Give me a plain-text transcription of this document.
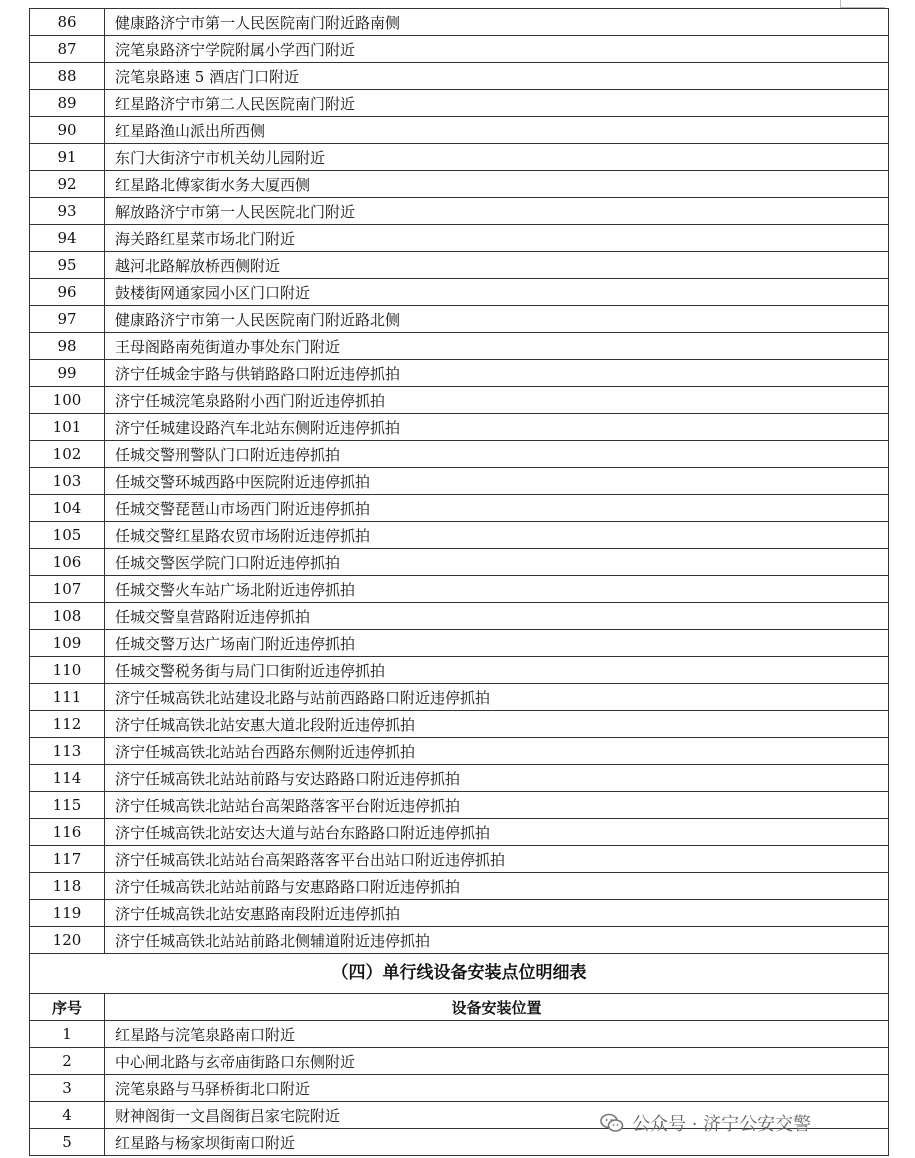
86	健康路济宁市第一人民医院南门附近路南侧
87	浣笔泉路济宁学院附属小学西门附近
88	浣笔泉路速 5 酒店门口附近
89	红星路济宁市第二人民医院南门附近
90	红星路渔山派出所西侧
91	东门大街济宁市机关幼儿园附近
92	红星路北傅家街水务大厦西侧
93	解放路济宁市第一人民医院北门附近
94	海关路红星菜市场北门附近
95	越河北路解放桥西侧附近
96	鼓楼街网通家园小区门口附近
97	健康路济宁市第一人民医院南门附近路北侧
98	王母阁路南苑街道办事处东门附近
99	济宁任城金宇路与供销路路口附近违停抓拍
100	济宁任城浣笔泉路附小西门附近违停抓拍
101	济宁任城建设路汽车北站东侧附近违停抓拍
102	任城交警刑警队门口附近违停抓拍
103	任城交警环城西路中医院附近违停抓拍
104	任城交警琵琶山市场西门附近违停抓拍
105	任城交警红星路农贸市场附近违停抓拍
106	任城交警医学院门口附近违停抓拍
107	任城交警火车站广场北附近违停抓拍
108	任城交警皇营路附近违停抓拍
109	任城交警万达广场南门附近违停抓拍
110	任城交警税务街与局门口街附近违停抓拍
111	济宁任城高铁北站建设北路与站前西路路口附近违停抓拍
112	济宁任城高铁北站安惠大道北段附近违停抓拍
113	济宁任城高铁北站站台西路东侧附近违停抓拍
114	济宁任城高铁北站站前路与安达路路口附近违停抓拍
115	济宁任城高铁北站站台高架路落客平台附近违停抓拍
116	济宁任城高铁北站安达大道与站台东路路口附近违停抓拍
117	济宁任城高铁北站站台高架路落客平台出站口附近违停抓拍
118	济宁任城高铁北站站前路与安惠路路口附近违停抓拍
119	济宁任城高铁北站安惠路南段附近违停抓拍
120	济宁任城高铁北站站前路北侧辅道附近违停抓拍
（四）单行线设备安装点位明细表
序号	设备安装位置
1	红星路与浣笔泉路南口附近
2	中心闸北路与玄帝庙街路口东侧附近
3	浣笔泉路与马驿桥街北口附近
4	财神阁街一文昌阁街吕家宅院附近
5	红星路与杨家坝街南口附近
公众号 · 济宁公安交警
